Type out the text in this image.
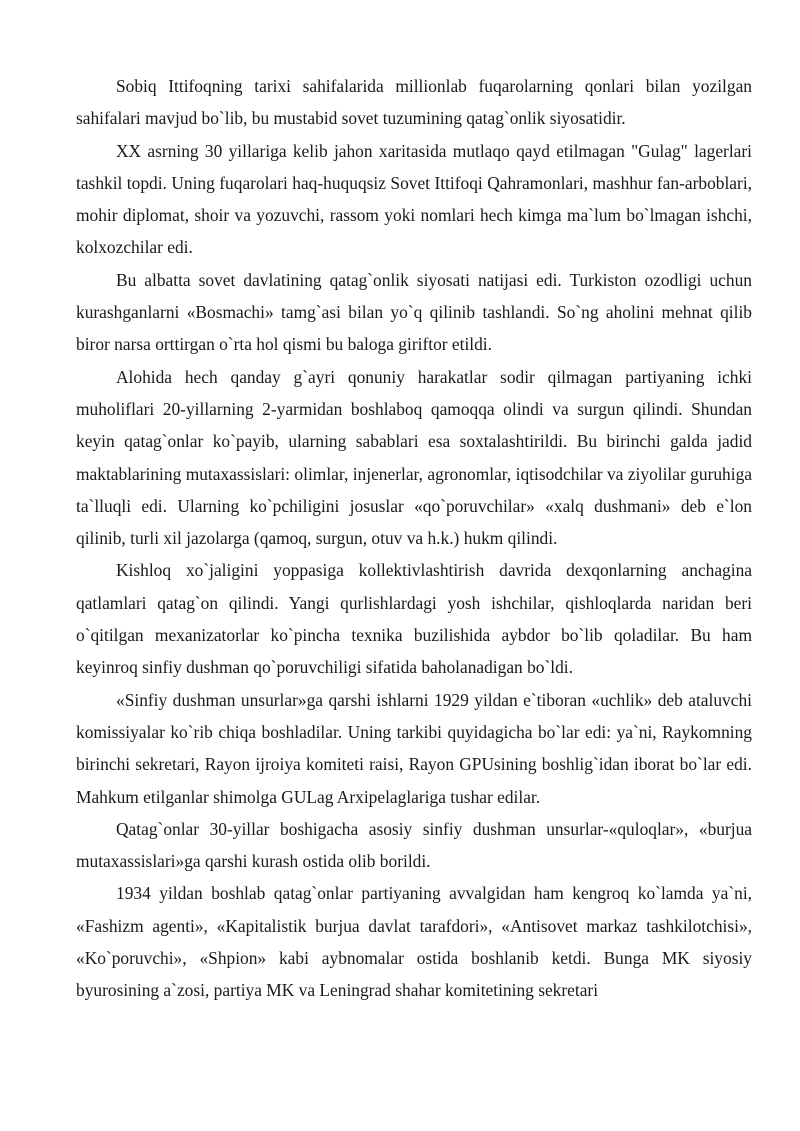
Sobiq Ittifoqning tarixi sahifalarida millionlab fuqarolarning qonlari bilan yozilgan sahifalari mavjud bo`lib, bu mustabid sovet tuzumining qatag`onlik siyosatidir.

XX asrning 30 yillariga kelib jahon xaritasida mutlaqo qayd etilmagan "Gulag" lagerlari tashkil topdi. Uning fuqarolari haq-huquqsiz Sovet Ittifoqi Qahramonlari, mashhur fan-arboblari, mohir diplomat, shoir va yozuvchi, rassom yoki nomlari hech kimga ma`lum bo`lmagan ishchi, kolxozchilar edi.

Bu albatta sovet davlatining qatag`onlik siyosati natijasi edi. Turkiston ozodligi uchun kurashganlarni «Bosmachi» tamg`asi bilan yo`q qilinib tashlandi. So`ng aholini mehnat qilib biror narsa orttirgan o`rta hol qismi bu baloga giriftor etildi.

Alohida hech qanday g`ayri qonuniy harakatlar sodir qilmagan partiyaning ichki muholiflari 20-yillarning 2-yarmidan boshlaboq qamoqqa olindi va surgun qilindi. Shundan keyin qatag`onlar ko`payib, ularning sabablari esa soxtalashtirildi. Bu birinchi galda jadid maktablarining mutaxassislari: olimlar, injenerlar, agronomlar, iqtisodchilar va ziyolilar guruhiga ta`lluqli edi. Ularning ko`pchiligini josuslar «qo`poruvchilar» «xalq dushmani» deb e`lon qilinib, turli xil jazolarga (qamoq, surgun, otuv va h.k.) hukm qilindi.

Kishloq xo`jaligini yoppasiga kollektivlashtirish davrida dexqonlarning anchagina qatlamlari qatag`on qilindi. Yangi qurlishlardagi yosh ishchilar, qishloqlarda naridan beri o`qitilgan mexanizatorlar ko`pincha texnika buzilishida aybdor bo`lib qoladilar. Bu ham keyinroq sinfiy dushman qo`poruvchiligi sifatida baholanadigan bo`ldi.

«Sinfiy dushman unsurlar»ga qarshi ishlarni 1929 yildan e`tiboran «uchlik» deb ataluvchi komissiyalar ko`rib chiqa boshladilar. Uning tarkibi quyidagicha bo`lar edi: ya`ni, Raykomning birinchi sekretari, Rayon ijroiya komiteti raisi, Rayon GPUsining boshlig`idan iborat bo`lar edi. Mahkum etilganlar shimolga GULag Arxipelaglariga tushar edilar.

Qatag`onlar 30-yillar boshigacha asosiy sinfiy dushman unsurlar-«quloqlar», «burjua mutaxassislari»ga qarshi kurash ostida olib borildi.

1934 yildan boshlab qatag`onlar partiyaning avvalgidan ham kengroq ko`lamda ya`ni, «Fashizm agenti», «Kapitalistik burjua davlat tarafdori», «Antisovet markaz tashkilotchisi», «Ko`poruvchi», «Shpion» kabi aybnomalar ostida boshlanib ketdi. Bunga MK siyosiy byurosining a`zosi, partiya MK va Leningrad shahar komitetining sekretari
